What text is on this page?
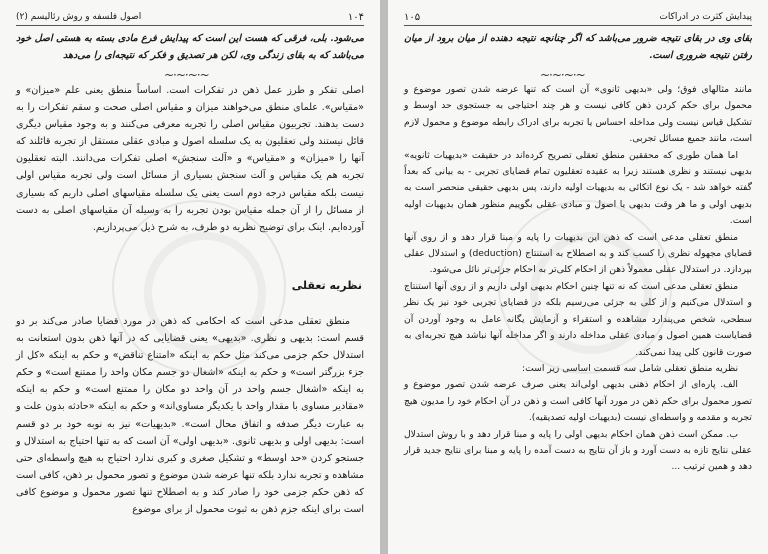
۱۰۴
اصول فلسفه و روش رئالیسم (۲)
می‌شود. بلی، فرقی که هست این است که پیدایش فرع مادی بسته به هستی اصل خود می‌باشد که به بقای زندگی وی، لکن هر تصدیق و فکر که نتیجه‌ای را می‌دهد
~·~·~·~

اصلی تفکر و طرز عمل ذهن در تفکرات است. اساساً منطق یعنی علم «میزان» و «مقیاس». علمای منطق می‌خواهند میزان و مقیاس اصلی صحت و سقم تفکرات را به دست بدهند. تجربیون مقیاس اصلی را تجربه معرفی می‌کنند و به وجود مقیاس دیگری قائل نیستند ولی تعقلیون به یک سلسله اصول و مبادی عقلی مستقل از تجربه قائلند که آنها را «میزان» و «مقیاس» و «آلت سنجش» اصلی تفکرات می‌دانند. البته تعقلیون تجربه هم یک مقیاس و آلت سنجش بسیاری از مسائل است ولی تجربه مقیاس اولی نیست بلکه مقیاس درجه دوم است یعنی یک سلسله مقیاسهای اصلی داریم که بسیاری از مسائل را از آن جمله مقیاس بودن تجربه را به وسیله آن مقیاسهای اصلی به دست آورده‌ایم. اینک برای توضیح نظریه دو طرف، به شرح ذیل می‌پردازیم.

نظریه تعقلی

منطق تعقلی مدعی است که احکامی که ذهن در مورد قضایا صادر می‌کند بر دو قسم است: بدیهی و نظری. «بدیهی» یعنی قضایایی که در آنها ذهن بدون استعانت به استدلال حکم جزمی می‌کند مثل حکم به اینکه «امتناع تناقض» و حکم به اینکه «کل از جزء بزرگتر است» و حکم به اینکه «اشغال دو جسم مکان واحد را ممتنع است» و حکم به اینکه «اشغال جسم واحد در آن واحد دو مکان را ممتنع است» و حکم به اینکه «مقادیر مساوی با مقدار واحد با یکدیگر مساوی‌اند» و حکم به اینکه «حادثه بدون علت و به عبارت دیگر صدفه و اتفاق محال است». «بدیهیات» نیز به نوبه خود بر دو قسم است: بدیهی اولی و بدیهی ثانوی. «بدیهی اولی» آن است که به تنها احتیاج به استدلال و جستجو کردن «حد اوسط» و تشکیل صغری و کبری ندارد احتیاج به هیچ واسطه‌ای حتی مشاهده و تجربه ندارد بلکه تنها عرضه شدن موضوع و تصور محمول بر ذهن، کافی است که ذهن حکم جزمی خود را صادر کند و به اصطلاح تنها تصور محمول و موضوع کافی است برای اینکه جزم ذهن به ثبوت محمول از برای موضوع

پیدایش کثرت در ادراکات
۱۰۵
بقای وی در بقای نتیجه ضرور می‌باشد که اگر چنانچه نتیجه دهنده از میان برود از میان رفتن نتیجه ضروری است.
~·~·~·~

مانند مثالهای فوق؛ ولی «بدیهی ثانوی» آن است که تنها عرضه شدن تصور موضوع و محمول برای حکم کردن ذهن کافی نیست و هر چند احتیاجی به جستجوی حد اوسط و تشکیل قیاس نیست ولی مداخله احساس یا تجربه برای ادراک رابطه موضوع و محمول لازم است، مانند جمیع مسائل تجربی.

اما همان طوری که محققین منطق تعقلی تصریح کرده‌اند در حقیقت «بدیهیات ثانویه» بدیهی نیستند و نظری هستند زیرا به عقیده تعقلیون تمام قضایای تجربی - به بیانی که بعداً گفته خواهد شد - یک نوع اتکائی به بدیهیات اولیه دارند، پس بدیهی حقیقی منحصر است به بدیهی اولی و ما هر وقت بدیهی یا اصول و مبادی عقلی بگوییم منظور همان بدیهیات اولیه است.

منطق تعقلی مدعی است که ذهن این بدیهیات را پایه و مبنا قرار دهد و از روی آنها قضایای مجهوله نظری را کسب کند و به اصطلاح به استنتاج (deduction) و استدلال عقلی بپردازد. در استدلال عقلی معمولاً ذهن از احکام کلی‌تر به احکام جزئی‌تر نائل می‌شود.

منطق تعقلی مدعی است که نه تنها چنین احکام بدیهی اولی داریم و از روی آنها استنتاج و استدلال می‌کنیم و از کلی به جزئی می‌رسیم بلکه در قضایای تجربی خود نیز یک نظر سطحی، شخص می‌پندارد مشاهده و استقراء و آزمایش یگانه عامل به وجود آوردن آن قضایاست همین اصول و مبادی عقلی مداخله دارند و اگر مداخله آنها نباشد هیچ تجربه‌ای به صورت قانون کلی پیدا نمی‌کند.

نظریه منطق تعقلی شامل سه قسمت اساسی زیر است:

الف. پاره‌ای از احکام ذهنی بدیهی اولی‌اند یعنی صرف عرضه شدن تصور موضوع و تصور محمول برای حکم ذهن در مورد آنها کافی است و ذهن در آن احکام خود را مدیون هیچ تجربه و مقدمه و واسطه‌ای نیست (بدیهیات اولیه تصدیقیه).

ب. ممکن است ذهن همان احکام بدیهی اولی را پایه و مبنا قرار دهد و با روش استدلال عقلی نتایج تازه به دست آورد و باز آن نتایج به دست آمده را پایه و مبنا برای نتایج جدید قرار دهد و همین ترتیب ...
